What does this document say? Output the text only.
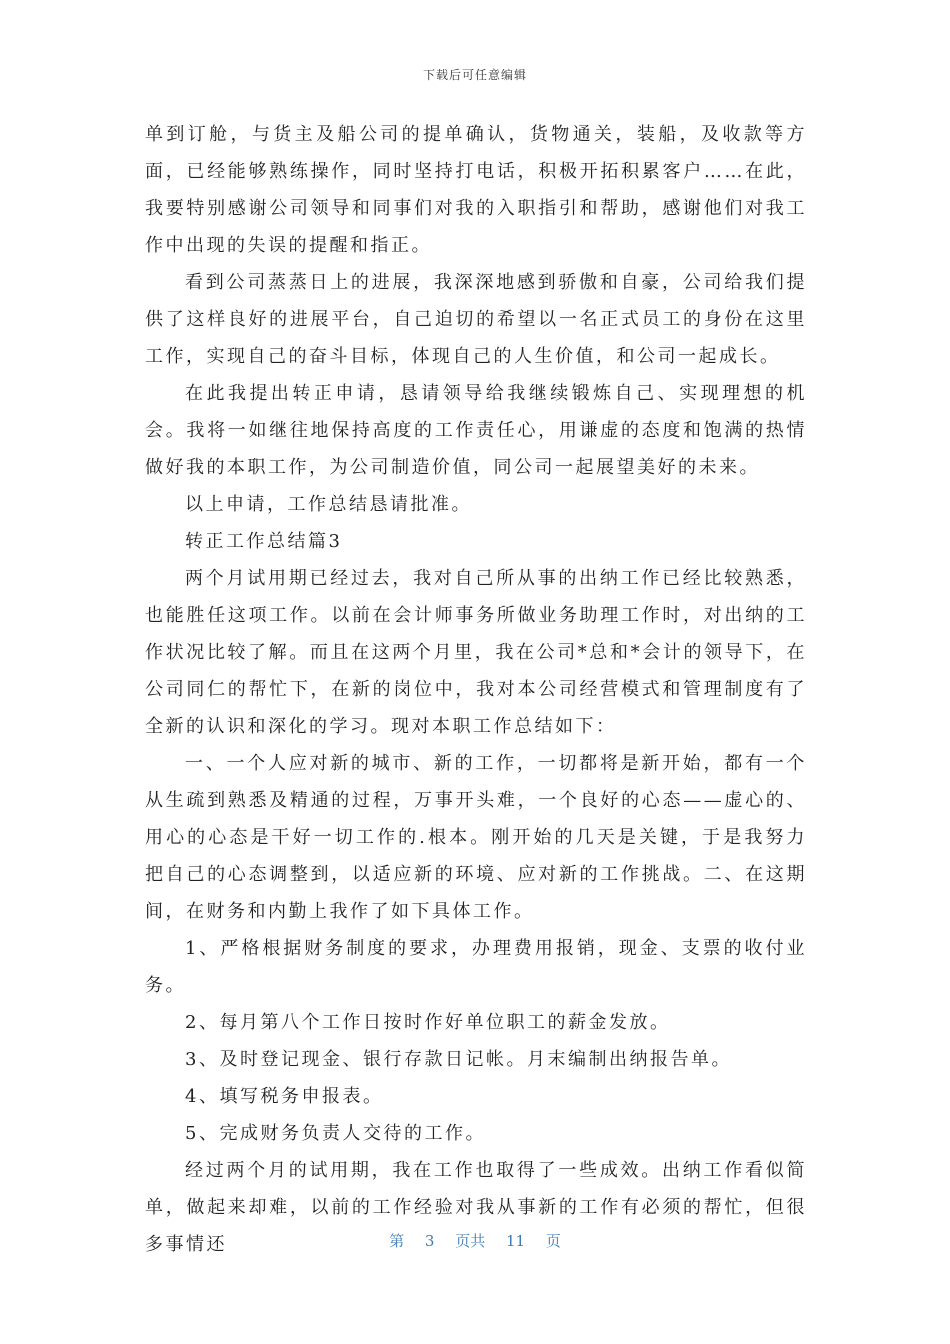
下载后可任意编辑

单到订舱，与货主及船公司的提单确认，货物通关，装船，及收款等方面，已经能够熟练操作，同时坚持打电话，积极开拓积累客户……在此，我要特别感谢公司领导和同事们对我的入职指引和帮助，感谢他们对我工作中出现的失误的提醒和指正。

看到公司蒸蒸日上的进展，我深深地感到骄傲和自豪，公司给我们提供了这样良好的进展平台，自己迫切的希望以一名正式员工的身份在这里工作，实现自己的奋斗目标，体现自己的人生价值，和公司一起成长。

在此我提出转正申请，恳请领导给我继续锻炼自己、实现理想的机会。我将一如继往地保持高度的工作责任心，用谦虚的态度和饱满的热情做好我的本职工作，为公司制造价值，同公司一起展望美好的未来。

以上申请，工作总结恳请批准。

转正工作总结篇3

两个月试用期已经过去，我对自己所从事的出纳工作已经比较熟悉，也能胜任这项工作。以前在会计师事务所做业务助理工作时，对出纳的工作状况比较了解。而且在这两个月里，我在公司*总和*会计的领导下，在公司同仁的帮忙下，在新的岗位中，我对本公司经营模式和管理制度有了全新的认识和深化的学习。现对本职工作总结如下：

一、一个人应对新的城市、新的工作，一切都将是新开始，都有一个从生疏到熟悉及精通的过程，万事开头难，一个良好的心态——虚心的、用心的心态是干好一切工作的.根本。刚开始的几天是关键，于是我努力把自己的心态调整到，以适应新的环境、应对新的工作挑战。二、在这期间，在财务和内勤上我作了如下具体工作。

1、严格根据财务制度的要求，办理费用报销，现金、支票的收付业务。

2、每月第八个工作日按时作好单位职工的薪金发放。

3、及时登记现金、银行存款日记帐。月末编制出纳报告单。

4、填写税务申报表。

5、完成财务负责人交待的工作。

经过两个月的试用期，我在工作也取得了一些成效。出纳工作看似简单，做起来却难，以前的工作经验对我从事新的工作有必须的帮忙，但很多事情还	第 3 页共 11 页
